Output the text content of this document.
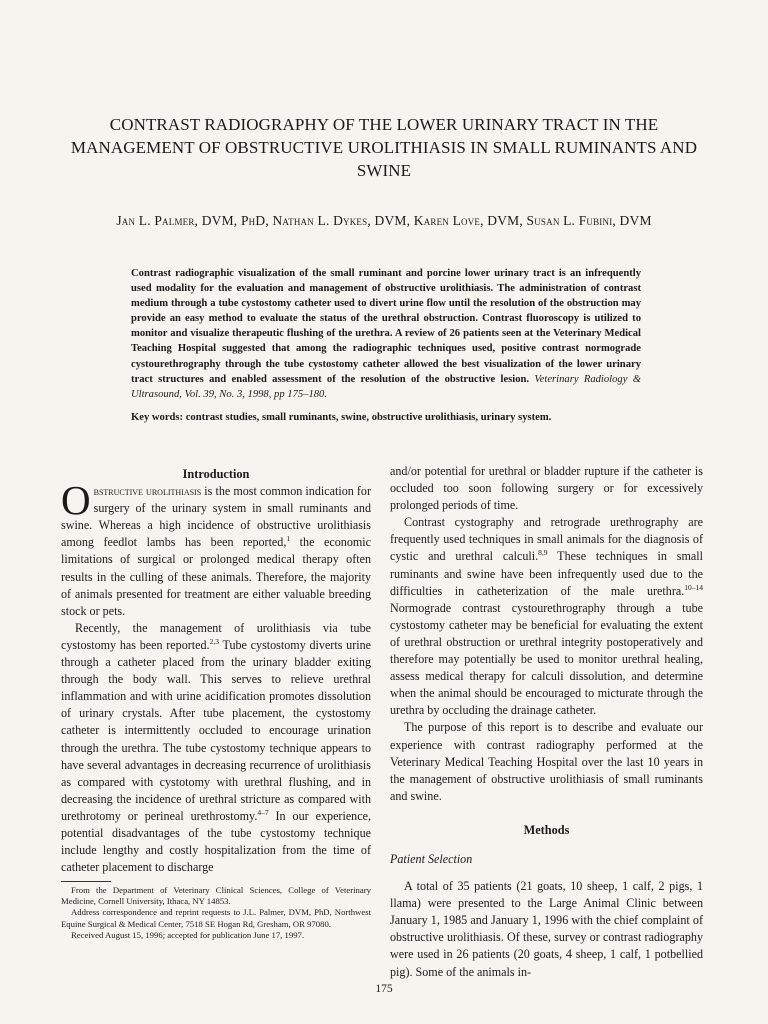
CONTRAST RADIOGRAPHY OF THE LOWER URINARY TRACT IN THE MANAGEMENT OF OBSTRUCTIVE UROLITHIASIS IN SMALL RUMINANTS AND SWINE
Jan L. Palmer, DVM, PhD, Nathan L. Dykes, DVM, Karen Love, DVM, Susan L. Fubini, DVM

Contrast radiographic visualization of the small ruminant and porcine lower urinary tract is an infrequently used modality for the evaluation and management of obstructive urolithiasis. The administration of contrast medium through a tube cystostomy catheter used to divert urine flow until the resolution of the obstruction may provide an easy method to evaluate the status of the urethral obstruction. Contrast fluoroscopy is utilized to monitor and visualize therapeutic flushing of the urethra. A review of 26 patients seen at the Veterinary Medical Teaching Hospital suggested that among the radiographic techniques used, positive contrast normograde cystourethrography through the tube cystostomy catheter allowed the best visualization of the lower urinary tract structures and enabled assessment of the resolution of the obstructive lesion. Veterinary Radiology & Ultrasound, Vol. 39, No. 3, 1998, pp 175–180.

Key words: contrast studies, small ruminants, swine, obstructive urolithiasis, urinary system.

Introduction

Obstructive urolithiasis is the most common indication for surgery of the urinary system in small ruminants and swine. Whereas a high incidence of obstructive urolithiasis among feedlot lambs has been reported,$^1$ the economic limitations of surgical or prolonged medical therapy often results in the culling of these animals. Therefore, the majority of animals presented for treatment are either valuable breeding stock or pets.

Recently, the management of urolithiasis via tube cystostomy has been reported.$^{2,3}$ Tube cystostomy diverts urine through a catheter placed from the urinary bladder exiting through the body wall. This serves to relieve urethral inflammation and with urine acidification promotes dissolution of urinary crystals. After tube placement, the cystostomy catheter is intermittently occluded to encourage urination through the urethra. The tube cystostomy technique appears to have several advantages in decreasing recurrence of urolithiasis as compared with cystotomy with urethral flushing, and in decreasing the incidence of urethral stricture as compared with urethrotomy or perineal urethrostomy.$^{4-7}$ In our experience, potential disadvantages of the tube cystostomy technique include lengthy and costly hospitalization from the time of catheter placement to discharge

and/or potential for urethral or bladder rupture if the catheter is occluded too soon following surgery or for excessively prolonged periods of time.

Contrast cystography and retrograde urethrography are frequently used techniques in small animals for the diagnosis of cystic and urethral calculi.$^{8,9}$ These techniques in small ruminants and swine have been infrequently used due to the difficulties in catheterization of the male urethra.$^{10-14}$ Normograde contrast cystourethrography through a tube cystostomy catheter may be beneficial for evaluating the extent of urethral obstruction or urethral integrity postoperatively and therefore may potentially be used to monitor urethral healing, assess medical therapy for calculi dissolution, and determine when the animal should be encouraged to micturate through the urethra by occluding the drainage catheter.

The purpose of this report is to describe and evaluate our experience with contrast radiography performed at the Veterinary Medical Teaching Hospital over the last 10 years in the management of obstructive urolithiasis of small ruminants and swine.

Methods

Patient Selection

A total of 35 patients (21 goats, 10 sheep, 1 calf, 2 pigs, 1 llama) were presented to the Large Animal Clinic between January 1, 1985 and January 1, 1996 with the chief complaint of obstructive urolithiasis. Of these, survey or contrast radiography were used in 26 patients (20 goats, 4 sheep, 1 calf, 1 potbellied pig). Some of the animals in-

From the Department of Veterinary Clinical Sciences, College of Veterinary Medicine, Cornell University, Ithaca, NY 14853.

Address correspondence and reprint requests to J.L. Palmer, DVM, PhD, Northwest Equine Surgical & Medical Center, 7518 SE Hogan Rd, Gresham, OR 97080.

Received August 15, 1996; accepted for publication June 17, 1997.

175
